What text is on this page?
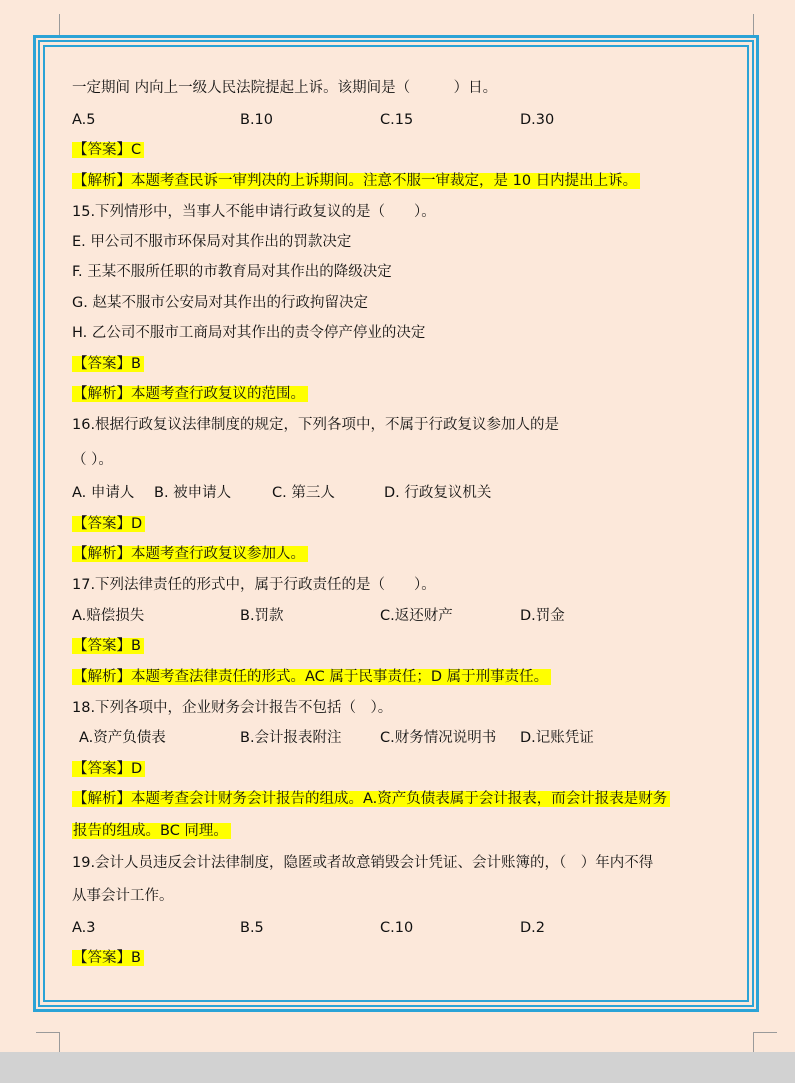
一定期间 内向上一级人民法院提起上诉。该期间是（　　　）日。
A.5	B.10	C.15	D.30
【答案】C
【解析】本题考查民诉一审判决的上诉期间。注意不服一审裁定，是 10 日内提出上诉。
15.下列情形中，当事人不能申请行政复议的是（　　）。
E. 甲公司不服市环保局对其作出的罚款决定
F. 王某不服所任职的市教育局对其作出的降级决定
G. 赵某不服市公安局对其作出的行政拘留决定
H. 乙公司不服市工商局对其作出的责令停产停业的决定
【答案】B
【解析】本题考查行政复议的范围。
16.根据行政复议法律制度的规定，下列各项中，不属于行政复议参加人的是
（ ）。
A. 申请人 B. 被申请人	C. 第三人	D. 行政复议机关
【答案】D
【解析】本题考查行政复议参加人。
17.下列法律责任的形式中，属于行政责任的是（　　）。
A.赔偿损失	B.罚款	C.返还财产	D.罚金
【答案】B
【解析】本题考查法律责任的形式。AC 属于民事责任；D 属于刑事责任。
18.下列各项中，企业财务会计报告不包括（　）。
A.资产负债表	B.会计报表附注	C.财务情况说明书 D.记账凭证
【答案】D
【解析】本题考查会计财务会计报告的组成。A.资产负债表属于会计报表，而会计报表是财务
报告的组成。BC 同理。
19.会计人员违反会计法律制度，隐匿或者故意销毁会计凭证、会计账簿的，（　）年内不得
从事会计工作。
A.3	B.5	C.10	D.2
【答案】B
